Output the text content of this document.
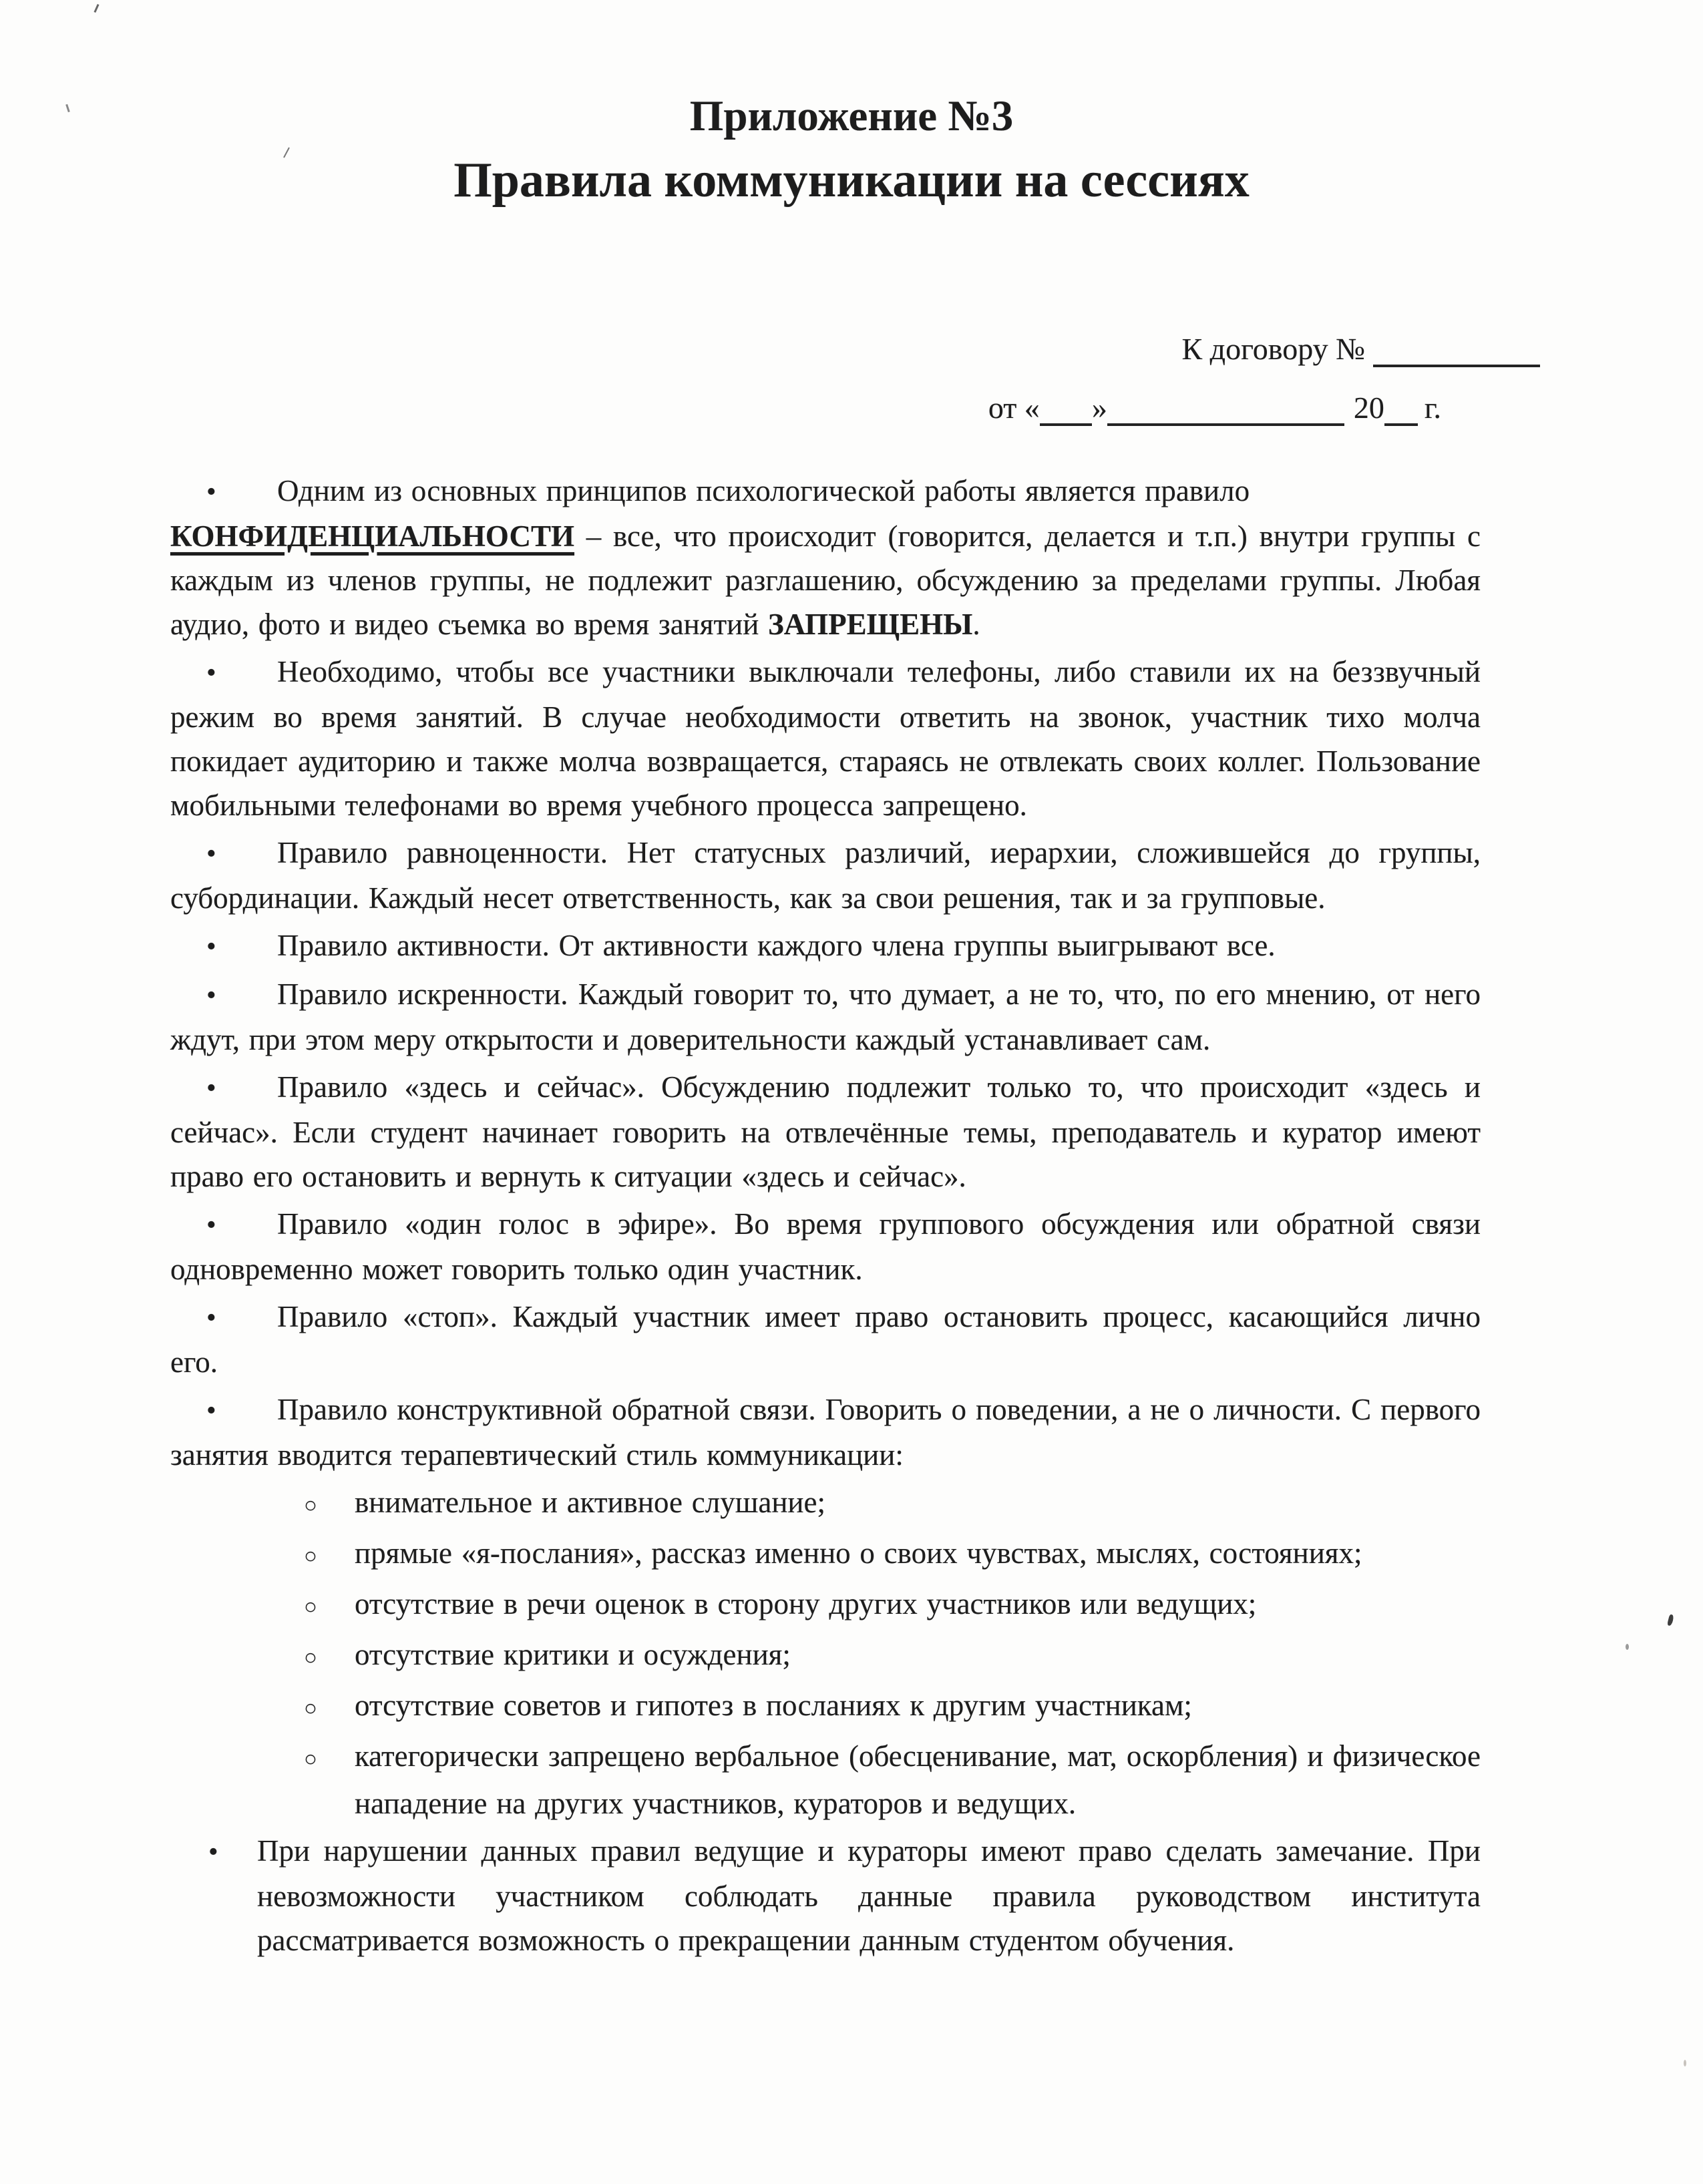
Приложение №3
Правила коммуникации на сессиях
К договору №
от « »	20 г.

• Одним из основных принципов психологической работы является правило
КОНФИДЕНЦИАЛЬНОСТИ – все, что происходит (говорится, делается и т.п.) внутри группы с каждым из членов группы, не подлежит разглашению, обсуждению за пределами группы. Любая аудио, фото и видео съемка во время занятий ЗАПРЕЩЕНЫ.

• Необходимо, чтобы все участники выключали телефоны, либо ставили их на беззвучный режим во время занятий. В случае необходимости ответить на звонок, участник тихо молча покидает аудиторию и также молча возвращается, стараясь не отвлекать своих коллег. Пользование мобильными телефонами во время учебного процесса запрещено.

• Правило равноценности. Нет статусных различий, иерархии, сложившейся до группы, субординации. Каждый несет ответственность, как за свои решения, так и за групповые.

• Правило активности. От активности каждого члена группы выигрывают все.

• Правило искренности. Каждый говорит то, что думает, а не то, что, по его мнению, от него ждут, при этом меру открытости и доверительности каждый устанавливает сам.

• Правило «здесь и сейчас». Обсуждению подлежит только то, что происходит «здесь и сейчас». Если студент начинает говорить на отвлечённые темы, преподаватель и куратор имеют право его остановить и вернуть к ситуации «здесь и сейчас».

• Правило «один голос в эфире». Во время группового обсуждения или обратной связи одновременно может говорить только один участник.

• Правило «стоп». Каждый участник имеет право остановить процесс, касающийся лично его.

• Правило конструктивной обратной связи. Говорить о поведении, а не о личности. С первого занятия вводится терапевтический стиль коммуникации:

○ внимательное и активное слушание;

○ прямые «я-послания», рассказ именно о своих чувствах, мыслях, состояниях;

○ отсутствие в речи оценок в сторону других участников или ведущих;

○ отсутствие критики и осуждения;

○ отсутствие советов и гипотез в посланиях к другим участникам;

○ категорически запрещено вербальное (обесценивание, мат, оскорбления) и физическое нападение на других участников, кураторов и ведущих.

• При нарушении данных правил ведущие и кураторы имеют право сделать замечание. При невозможности участником соблюдать данные правила руководством института рассматривается возможность о прекращении данным студентом обучения.
